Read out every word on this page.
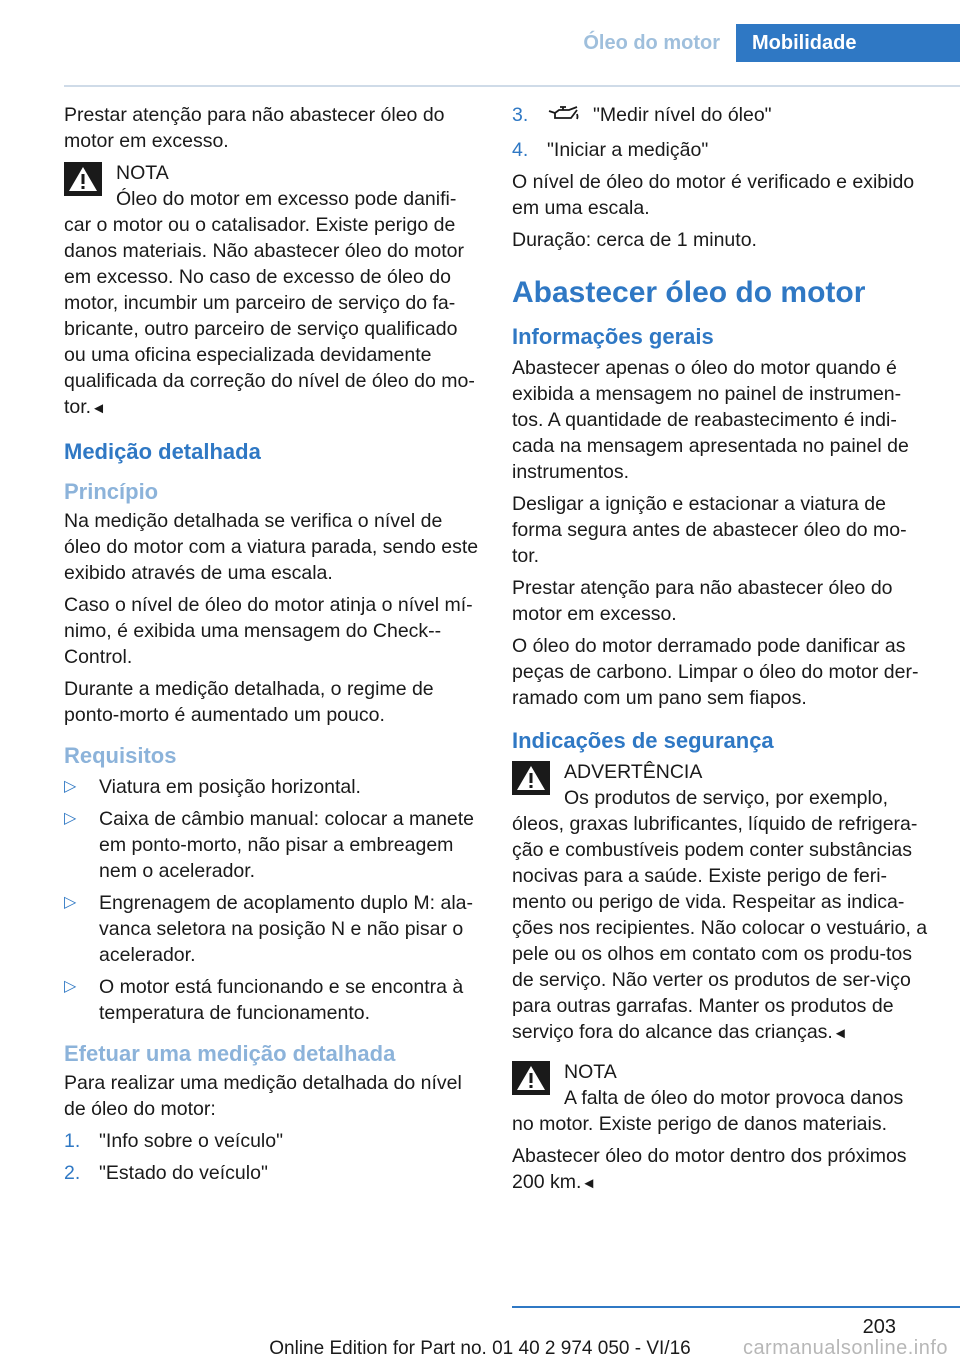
Óleo do motor	Mobilidade

Prestar atenção para não abastecer óleo do motor em excesso.

NOTA
Óleo do motor em excesso pode danifi-car o motor ou o catalisador. Existe perigo de danos materiais. Não abastecer óleo do motor em excesso. No caso de excesso de óleo do motor, incumbir um parceiro de serviço do fa-bricante, outro parceiro de serviço qualificado ou uma oficina especializada devidamente qualificada da correção do nível de óleo do mo-tor.◄
Medição detalhada
Princípio

Na medição detalhada se verifica o nível de óleo do motor com a viatura parada, sendo este exibido através de uma escala.

Caso o nível de óleo do motor atinja o nível mí-nimo, é exibida uma mensagem do Check--Control.

Durante a medição detalhada, o regime de ponto-morto é aumentado um pouco.

Requisitos
▷ Viatura em posição horizontal.
▷ Caixa de câmbio manual: colocar a manete em ponto-morto, não pisar a embreagem nem o acelerador.
▷ Engrenagem de acoplamento duplo M: ala-vanca seletora na posição N e não pisar o acelerador.
▷ O motor está funcionando e se encontra à temperatura de funcionamento.
Efetuar uma medição detalhada

Para realizar uma medição detalhada do nível de óleo do motor:

1. "Info sobre o veículo"
2. "Estado do veículo"
3.	"Medir nível do óleo"
4. "Iniciar a medição"

O nível de óleo do motor é verificado e exibido em uma escala.

Duração: cerca de 1 minuto.

Abastecer óleo do motor
Informações gerais

Abastecer apenas o óleo do motor quando é exibida a mensagem no painel de instrumen-tos. A quantidade de reabastecimento é indi-cada na mensagem apresentada no painel de instrumentos.

Desligar a ignição e estacionar a viatura de forma segura antes de abastecer óleo do mo-tor.

Prestar atenção para não abastecer óleo do motor em excesso.

O óleo do motor derramado pode danificar as peças de carbono. Limpar o óleo do motor der-ramado com um pano sem fiapos.

Indicações de segurança
ADVERTÊNCIA
Os produtos de serviço, por exemplo, óleos, graxas lubrificantes, líquido de refrigera-ção e combustíveis podem conter substâncias nocivas para a saúde. Existe perigo de feri-mento ou perigo de vida. Respeitar as indica-ções nos recipientes. Não colocar o vestuário, a pele ou os olhos em contato com os produ-tos de serviço. Não verter os produtos de ser-viço para outras garrafas. Manter os produtos de serviço fora do alcance das crianças.◄
NOTA
A falta de óleo do motor provoca danos no motor. Existe perigo de danos materiais.

Abastecer óleo do motor dentro dos próximos 200 km.◄

203
Online Edition for Part no. 01 40 2 974 050 - VI/16	carmanualsonline.info
